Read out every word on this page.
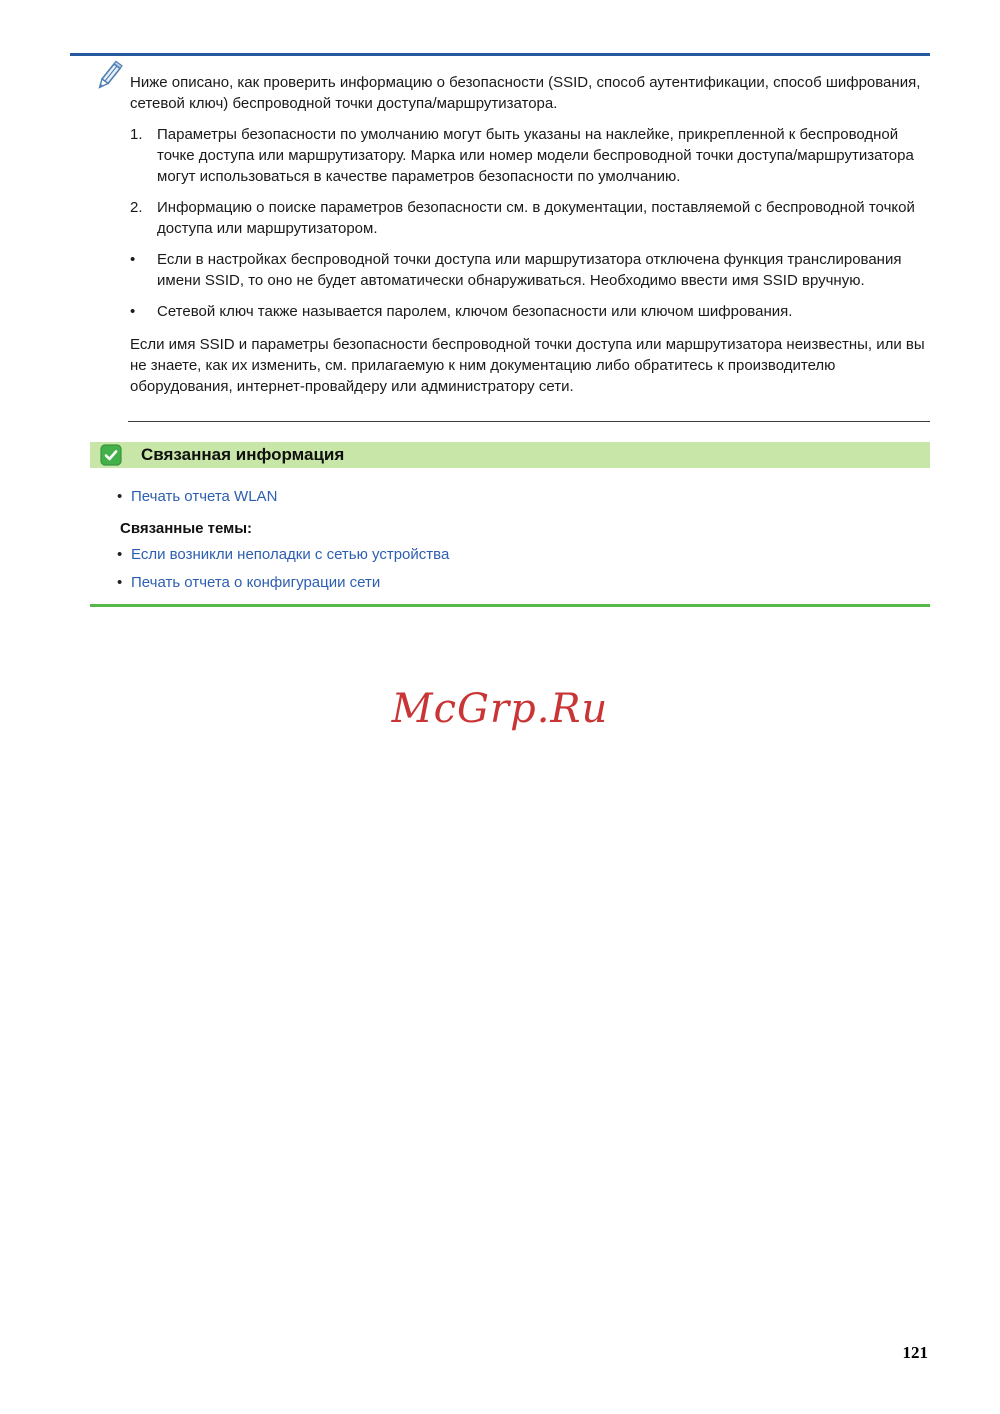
Ниже описано, как проверить информацию о безопасности (SSID, способ аутентификации, способ шифрования, сетевой ключ) беспроводной точки доступа/маршрутизатора.

1. Параметры безопасности по умолчанию могут быть указаны на наклейке, прикрепленной к беспроводной точке доступа или маршрутизатору. Марка или номер модели беспроводной точки доступа/маршрутизатора могут использоваться в качестве параметров безопасности по умолчанию.
2. Информацию о поиске параметров безопасности см. в документации, поставляемой с беспроводной точкой доступа или маршрутизатором.
•	Если в настройках беспроводной точки доступа или маршрутизатора отключена функция транслирования имени SSID, то оно не будет автоматически обнаруживаться. Необходимо ввести имя SSID вручную.
•	Сетевой ключ также называется паролем, ключом безопасности или ключом шифрования.

Если имя SSID и параметры безопасности беспроводной точки доступа или маршрутизатора неизвестны, или вы не знаете, как их изменить, см. прилагаемую к ним документацию либо обратитесь к производителю оборудования, интернет-провайдеру или администратору сети.

Связанная информация
• Печать отчета WLAN

Связанные темы:

• Если возникли неполадки с сетью устройства
• Печать отчета о конфигурации сети
McGrp.Ru
121
